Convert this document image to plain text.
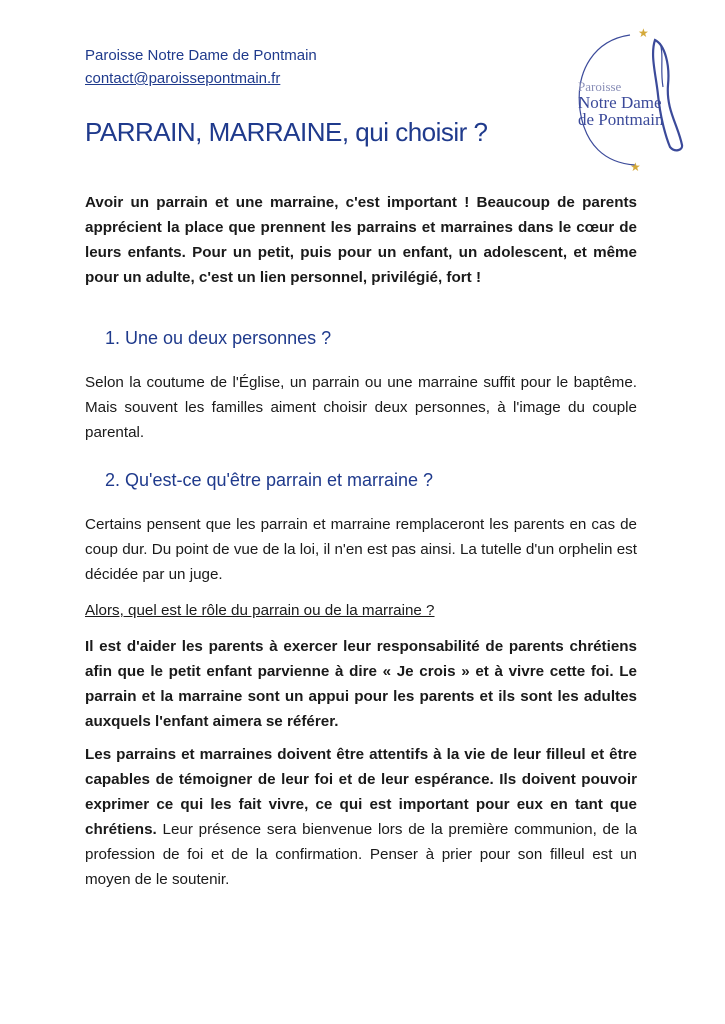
Paroisse Notre Dame de Pontmain
contact@paroissepontmain.fr
★
★
Paroisse
Notre Dame
de Pontmain
PARRAIN, MARRAINE, qui choisir ?

Avoir un parrain et une marraine, c'est important ! Beaucoup de parents apprécient la place que prennent les parrains et marraines dans le cœur de leurs enfants. Pour un petit, puis pour un enfant, un adolescent, et même pour un adulte, c'est un lien personnel, privilégié, fort !

1. Une ou deux personnes ?

Selon la coutume de l'Église, un parrain ou une marraine suffit pour le baptême. Mais souvent les familles aiment choisir deux personnes, à l'image du couple parental.

2. Qu'est-ce qu'être parrain et marraine ?

Certains pensent que les parrain et marraine remplaceront les parents en cas de coup dur. Du point de vue de la loi, il n'en est pas ainsi. La tutelle d'un orphelin est décidée par un juge.

Alors, quel est le rôle du parrain ou de la marraine ?

Il est d'aider les parents à exercer leur responsabilité de parents chrétiens afin que le petit enfant parvienne à dire « Je crois » et à vivre cette foi. Le parrain et la marraine sont un appui pour les parents et ils sont les adultes auxquels l'enfant aimera se référer.

Les parrains et marraines doivent être attentifs à la vie de leur filleul et être capables de témoigner de leur foi et de leur espérance. Ils doivent pouvoir exprimer ce qui les fait vivre, ce qui est important pour eux en tant que chrétiens. Leur présence sera bienvenue lors de la première communion, de la profession de foi et de la confirmation. Penser à prier pour son filleul est un moyen de le soutenir.
